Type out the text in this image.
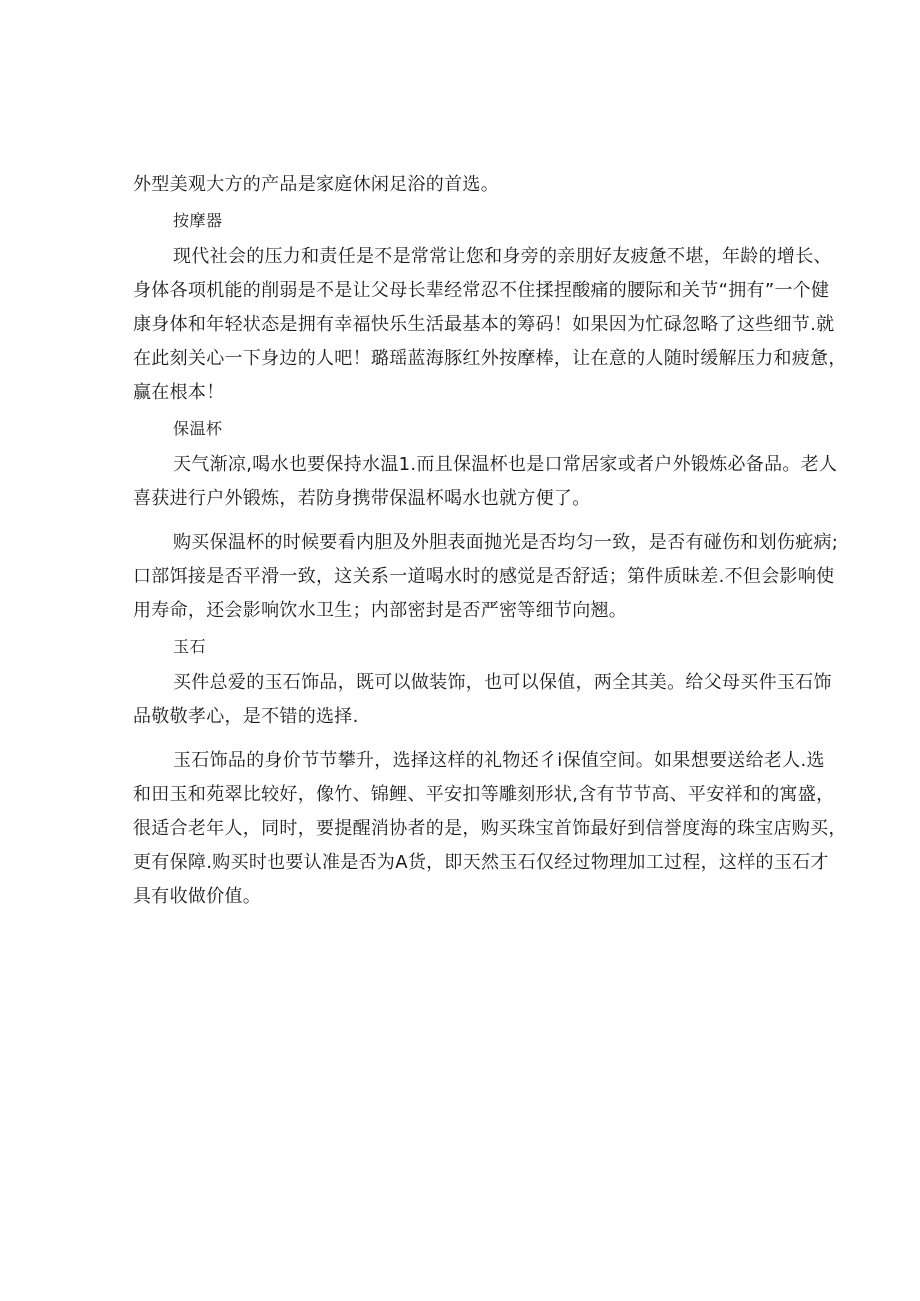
外型美观大方的产品是家庭休闲足浴的首选。

按摩器

现代社会的压力和责任是不是常常让您和身旁的亲朋好友疲惫不堪，年龄的增长、
身体各项机能的削弱是不是让父母长辈经常忍不住揉捏酸痛的腰际和关节“拥有”一个健
康身体和年轻状态是拥有幸福快乐生活最基本的筹码！如果因为忙碌忽略了这些细节.就
在此刻关心一下身边的人吧！璐瑶蓝海豚红外按摩棒，让在意的人随时缓解压力和疲惫，
赢在根本！

保温杯

天气渐凉,喝水也要保持水温1.而且保温杯也是口常居家或者户外锻炼必备品。老人
喜获进行户外锻炼，若防身携带保温杯喝水也就方便了。

购买保温杯的时候要看内胆及外胆表面抛光是否均匀一致，是否有碰伤和划伤疵病;
口部饵接是否平滑一致，这关系一道喝水时的感觉是否舒适；第件质昧差.不但会影响使
用寿命，还会影响饮水卫生；内部密封是否严密等细节向翘。

玉石

买件总爱的玉石饰品，既可以做装饰，也可以保值，两全其美。给父母买件玉石饰
品敬敬孝心，是不错的选择.

玉石饰品的身价节节攀升，选择这样的礼物还彳i保值空间。如果想要送给老人.选
和田玉和苑翠比较好，像竹、锦鲤、平安扣等雕刻形状,含有节节高、平安祥和的寓盛，
很适合老年人，同时，要提醒消协者的是，购买珠宝首饰最好到信誉度海的珠宝店购买，
更有保障.购买时也要认准是否为A货，即天然玉石仅经过物理加工过程，这样的玉石才
具有收做价值。
